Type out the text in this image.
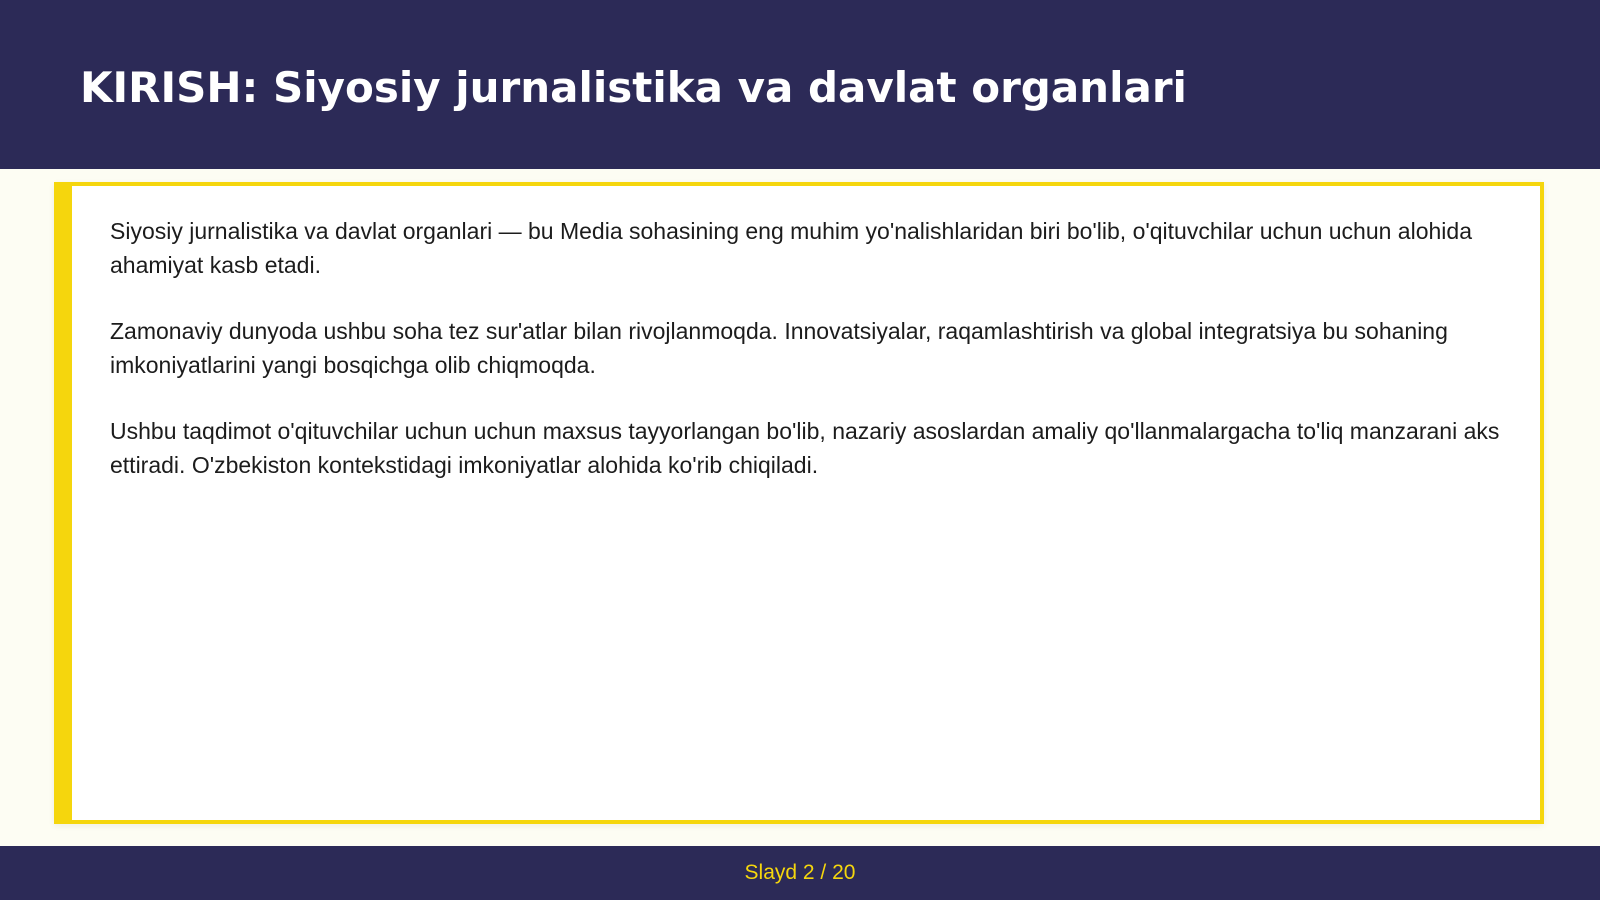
KIRISH: Siyosiy jurnalistika va davlat organlari

Siyosiy jurnalistika va davlat organlari — bu Media sohasining eng muhim yo'nalishlaridan biri bo'lib, o'qituvchilar uchun uchun alohida ahamiyat kasb etadi.

Zamonaviy dunyoda ushbu soha tez sur'atlar bilan rivojlanmoqda. Innovatsiyalar, raqamlashtirish va global integratsiya bu sohaning imkoniyatlarini yangi bosqichga olib chiqmoqda.

Ushbu taqdimot o'qituvchilar uchun uchun maxsus tayyorlangan bo'lib, nazariy asoslardan amaliy qo'llanmalargacha to'liq manzarani aks ettiradi. O'zbekiston kontekstidagi imkoniyatlar alohida ko'rib chiqiladi.

Slayd 2 / 20
